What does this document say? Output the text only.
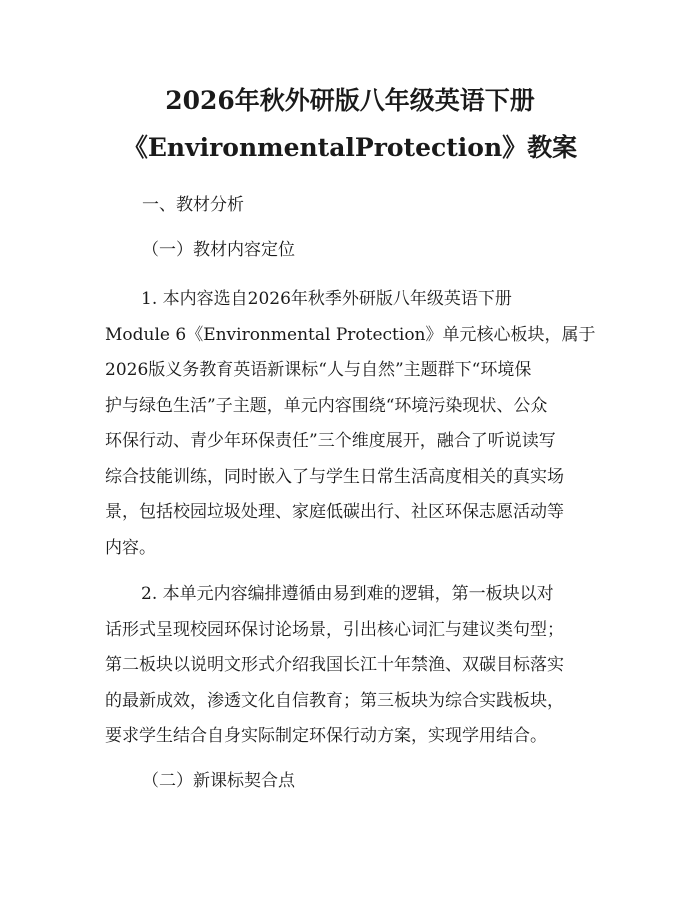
2026年秋外研版八年级英语下册
《EnvironmentalProtection》教案
一、教材分析
（一）教材内容定位
1. 本内容选自2026年秋季外研版八年级英语下册
Module 6《Environmental Protection》单元核心板块，属于
2026版义务教育英语新课标“人与自然”主题群下“环境保
护与绿色生活”子主题，单元内容围绕“环境污染现状、公众
环保行动、青少年环保责任”三个维度展开，融合了听说读写
综合技能训练，同时嵌入了与学生日常生活高度相关的真实场
景，包括校园垃圾处理、家庭低碳出行、社区环保志愿活动等
内容。
2. 本单元内容编排遵循由易到难的逻辑，第一板块以对
话形式呈现校园环保讨论场景，引出核心词汇与建议类句型；
第二板块以说明文形式介绍我国长江十年禁渔、双碳目标落实
的最新成效，渗透文化自信教育；第三板块为综合实践板块，
要求学生结合自身实际制定环保行动方案，实现学用结合。
（二）新课标契合点
